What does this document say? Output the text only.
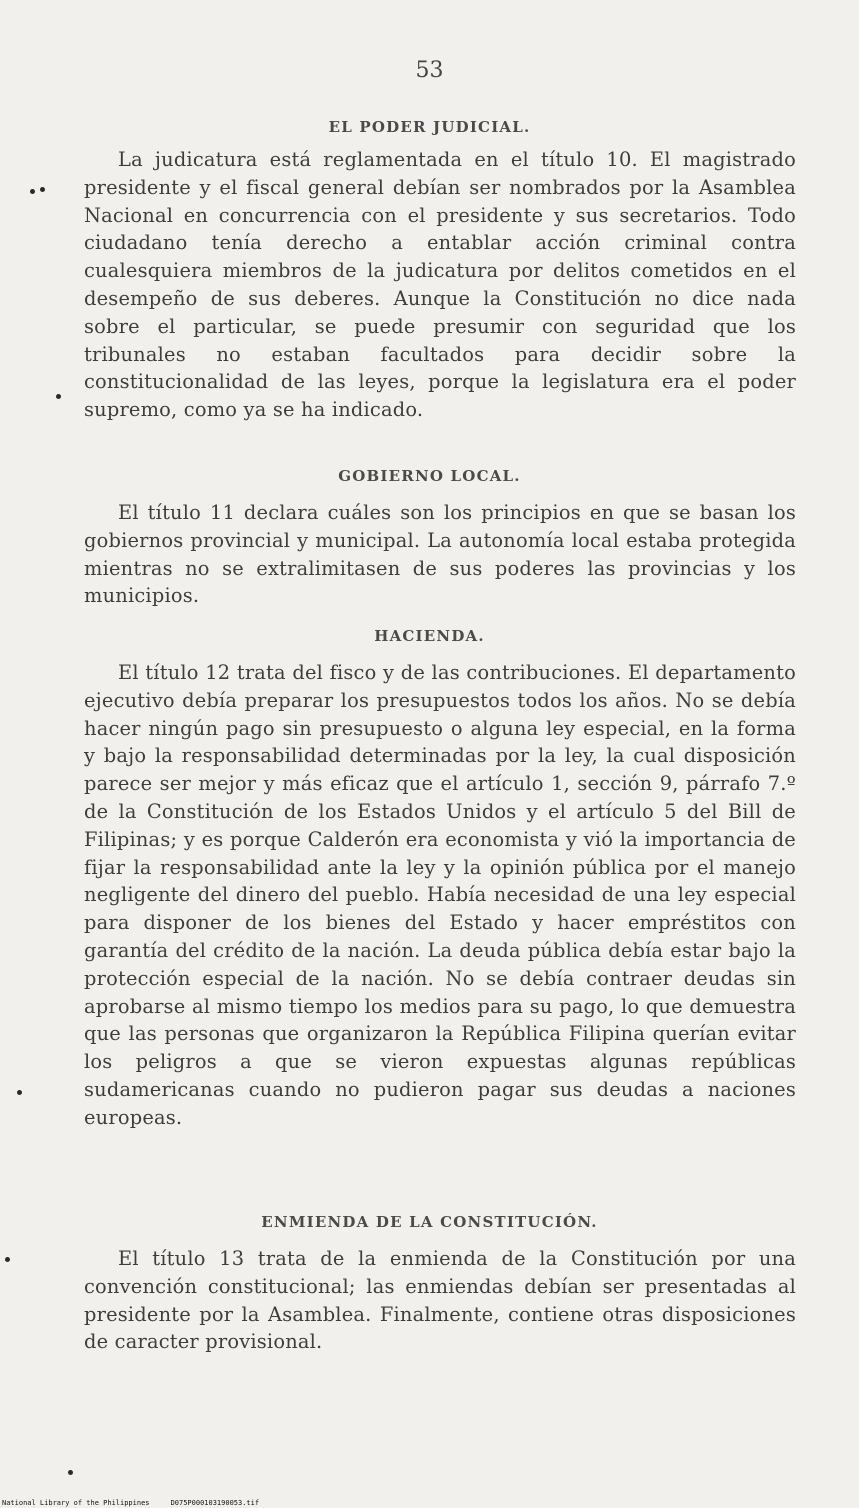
53
EL PODER JUDICIAL.

La judicatura está reglamentada en el título 10. El magistrado presidente y el fiscal general debían ser nombrados por la Asamblea Nacional en concurrencia con el presidente y sus secretarios. Todo ciudadano tenía derecho a entablar acción criminal contra cualesquiera miembros de la judicatura por delitos cometidos en el desempeño de sus deberes. Aunque la Constitución no dice nada sobre el particular, se puede presumir con seguridad que los tribunales no estaban facultados para decidir sobre la constitucionalidad de las leyes, porque la legislatura era el poder supremo, como ya se ha indicado.

GOBIERNO LOCAL.

El título 11 declara cuáles son los principios en que se basan los gobiernos provincial y municipal. La autonomía local estaba protegida mientras no se extralimitasen de sus poderes las provincias y los municipios.

HACIENDA.

El título 12 trata del fisco y de las contribuciones. El departamento ejecutivo debía preparar los presupuestos todos los años. No se debía hacer ningún pago sin presupuesto o alguna ley especial, en la forma y bajo la responsabilidad determinadas por la ley, la cual disposición parece ser mejor y más eficaz que el artículo 1, sección 9, párrafo 7.º de la Constitución de los Estados Unidos y el artículo 5 del Bill de Filipinas; y es porque Calderón era economista y vió la importancia de fijar la responsabilidad ante la ley y la opinión pública por el manejo negligente del dinero del pueblo. Había necesidad de una ley especial para disponer de los bienes del Estado y hacer empréstitos con garantía del crédito de la nación. La deuda pública debía estar bajo la protección especial de la nación. No se debía contraer deudas sin aprobarse al mismo tiempo los medios para su pago, lo que demuestra que las personas que organizaron la República Filipina querían evitar los peligros a que se vieron expuestas algunas repúblicas sudamericanas cuando no pudieron pagar sus deudas a naciones europeas.

ENMIENDA DE LA CONSTITUCIÓN.

El título 13 trata de la enmienda de la Constitución por una convención constitucional; las enmiendas debían ser presentadas al presidente por la Asamblea. Finalmente, contiene otras disposiciones de caracter provisional.

National Library of the Philippines     D075P000103190053.tif
